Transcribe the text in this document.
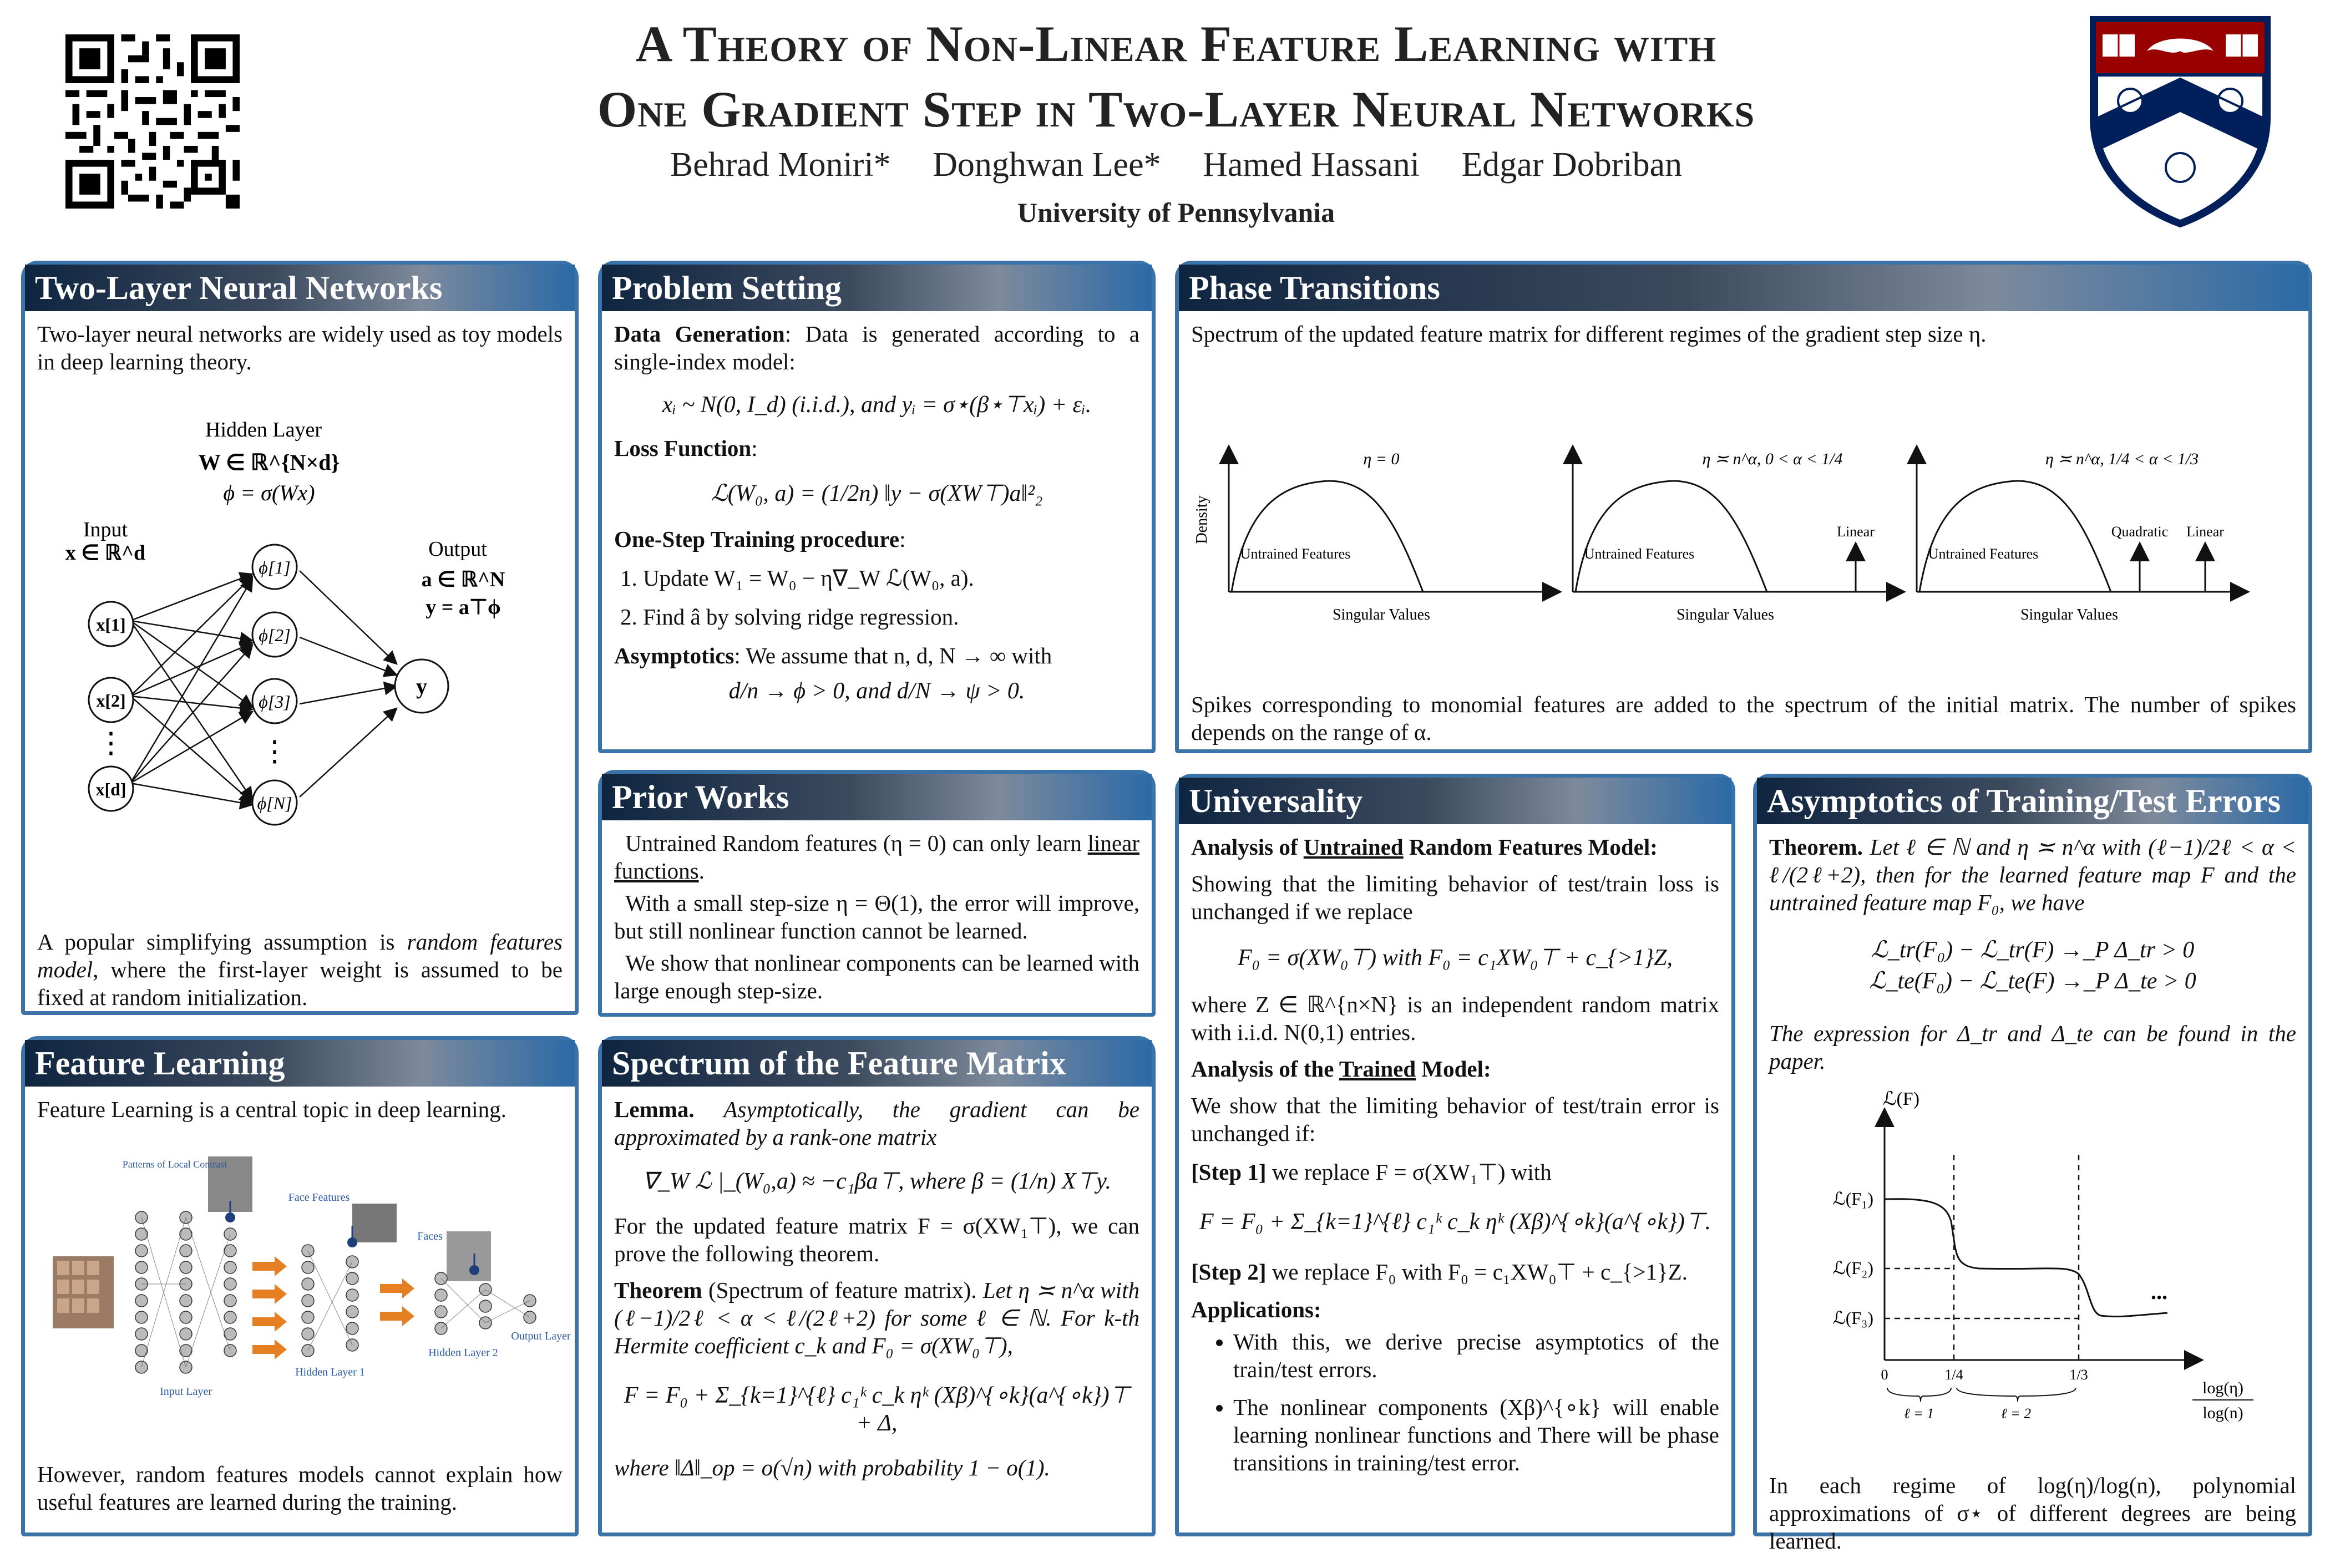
A Theory of Non-Linear Feature Learning with
One Gradient Step in Two-Layer Neural Networks
Behrad Moniri* Donghwan Lee* Hamed Hassani Edgar Dobriban
University of Pennsylvania
Two-Layer Neural Networks

Two-layer neural networks are widely used as toy models in deep learning theory.

Hidden Layer
W ∈ ℝ^{N×d}
ϕ = σ(Wx)
Input
x ∈ ℝ^d	Output
a ∈ ℝ^N
y = a⊤ϕ
x[1]
x[2]
x[d]
ϕ[1]
ϕ[2]
ϕ[3]
ϕ[N]
y
⋮	⋮

A popular simplifying assumption is random features model, where the first-layer weight is assumed to be fixed at random initialization.

Feature Learning

Feature Learning is a central topic in deep learning.

Patterns of Local Contrast
Face Features
Faces
Input Layer
Hidden Layer 1
Hidden Layer 2
Output Layer

However, random features models cannot explain how useful features are learned during the training.

Problem Setting

Data Generation: Data is generated according to a single-index model:

xᵢ ~ N(0, I_d) (i.i.d.), and yᵢ = σ⋆(β⋆⊤xᵢ) + εᵢ.

Loss Function:

ℒ(W₀, a) = (1/2n) ‖y − σ(XW⊤)a‖²₂

One-Step Training procedure:

1. Update W₁ = W₀ − η∇_W ℒ(W₀, a).
2. Find â by solving ridge regression.

Asymptotics: We assume that n, d, N → ∞ with

d/n → ϕ > 0, and d/N → ψ > 0.
Prior Works

Untrained Random features (η = 0) can only learn linear functions.

With a small step-size η = Θ(1), the error will improve, but still nonlinear function cannot be learned.

We show that nonlinear components can be learned with large enough step-size.

Spectrum of the Feature Matrix

Lemma. Asymptotically, the gradient can be approximated by a rank-one matrix

∇_W ℒ |_(W₀,a) ≈ −c₁βa⊤, where β = (1/n) X⊤y.

For the updated feature matrix F = σ(XW₁⊤), we can prove the following theorem.

Theorem (Spectrum of feature matrix). Let η ≍ n^α with (ℓ−1)/2ℓ < α < ℓ/(2ℓ+2) for some ℓ ∈ ℕ. For k-th Hermite coefficient c_k and F₀ = σ(XW₀⊤),

F = F₀ + Σ_{k=1}^{ℓ} c₁ᵏ c_k ηᵏ (Xβ)^{∘k}(a^{∘k})⊤ + Δ,

where ‖Δ‖_op = o(√n) with probability 1 − o(1).

Phase Transitions

Spectrum of the updated feature matrix for different regimes of the gradient step size η.

Density
η = 0	η ≍ n^α, 0 < α < 1/4	η ≍ n^α, 1/4 < α < 1/3
Untrained Features	Untrained Features	Untrained Features
Linear	Quadratic Linear
Singular Values	Singular Values	Singular Values

Spikes corresponding to monomial features are added to the spectrum of the initial matrix. The number of spikes depends on the range of α.

Universality

Analysis of Untrained Random Features Model:

Showing that the limiting behavior of test/train loss is unchanged if we replace

F₀ = σ(XW₀⊤) with F₀ = c₁XW₀⊤ + c_{>1}Z,

where Z ∈ ℝ^{n×N} is an independent random matrix with i.i.d. N(0,1) entries.

Analysis of the Trained Model:

We show that the limiting behavior of test/train error is unchanged if:

[Step 1] we replace F = σ(XW₁⊤) with

F = F₀ + Σ_{k=1}^{ℓ} c₁ᵏ c_k ηᵏ (Xβ)^{∘k}(a^{∘k})⊤.

[Step 2] we replace F₀ with F₀ = c₁XW₀⊤ + c_{>1}Z.

Applications:

• With this, we derive precise asymptotics of the train/test errors.
• The nonlinear components (Xβ)^{∘k} will enable learning nonlinear functions and There will be phase transitions in training/test error.
Asymptotics of Training/Test Errors

Theorem. Let ℓ ∈ ℕ and η ≍ n^α with (ℓ−1)/2ℓ < α < ℓ/(2ℓ+2), then for the learned feature map F and the untrained feature map F₀, we have

ℒ_tr(F₀) − ℒ_tr(F) →_P Δ_tr > 0
ℒ_te(F₀) − ℒ_te(F) →_P Δ_te > 0

The expression for Δ_tr and Δ_te can be found in the paper.

ℒ(F)
ℒ(F₁)
ℒ(F₂)
ℒ(F₃)
0	1/4	1/3
ℓ = 1	ℓ = 2
...
log(η)
log(n)

In each regime of log(η)/log(n), polynomial approximations of σ⋆ of different degrees are being learned.
